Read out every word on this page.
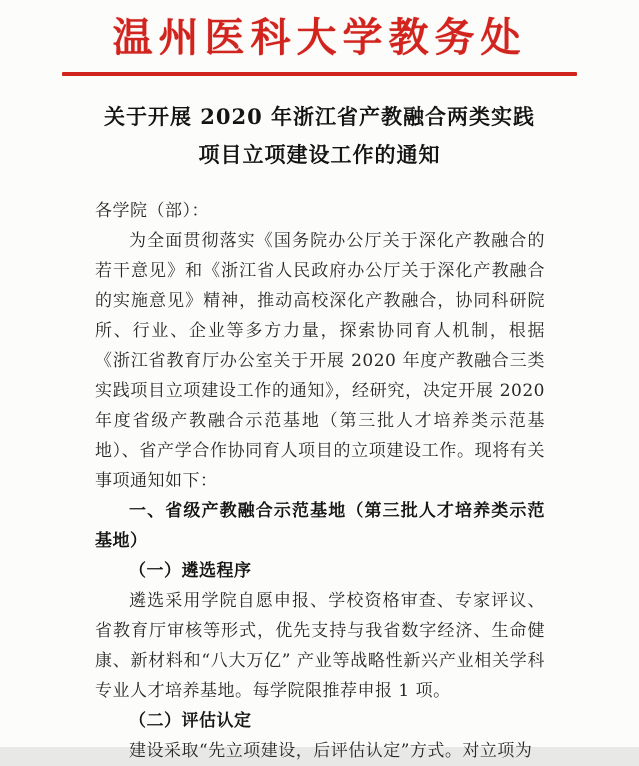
温州医科大学教务处
关于开展 2020 年浙江省产教融合两类实践
项目立项建设工作的通知

各学院（部）：

为全面贯彻落实《国务院办公厅关于深化产教融合的若干意见》和《浙江省人民政府办公厅关于深化产教融合的实施意见》精神，推动高校深化产教融合，协同科研院所、行业、企业等多方力量，探索协同育人机制，根据《浙江省教育厅办公室关于开展 2020 年度产教融合三类实践项目立项建设工作的通知》，经研究，决定开展 2020 年度省级产教融合示范基地（第三批人才培养类示范基地）、省产学合作协同育人项目的立项建设工作。现将有关事项通知如下：

一、省级产教融合示范基地（第三批人才培养类示范基地）

（一）遴选程序

遴选采用学院自愿申报、学校资格审查、专家评议、省教育厅审核等形式，优先支持与我省数字经济、生命健康、新材料和“八大万亿” 产业等战略性新兴产业相关学科专业人才培养基地。每学院限推荐申报 1 项。

（二）评估认定

建设采取“先立项建设，后评估认定”方式。对立项为
